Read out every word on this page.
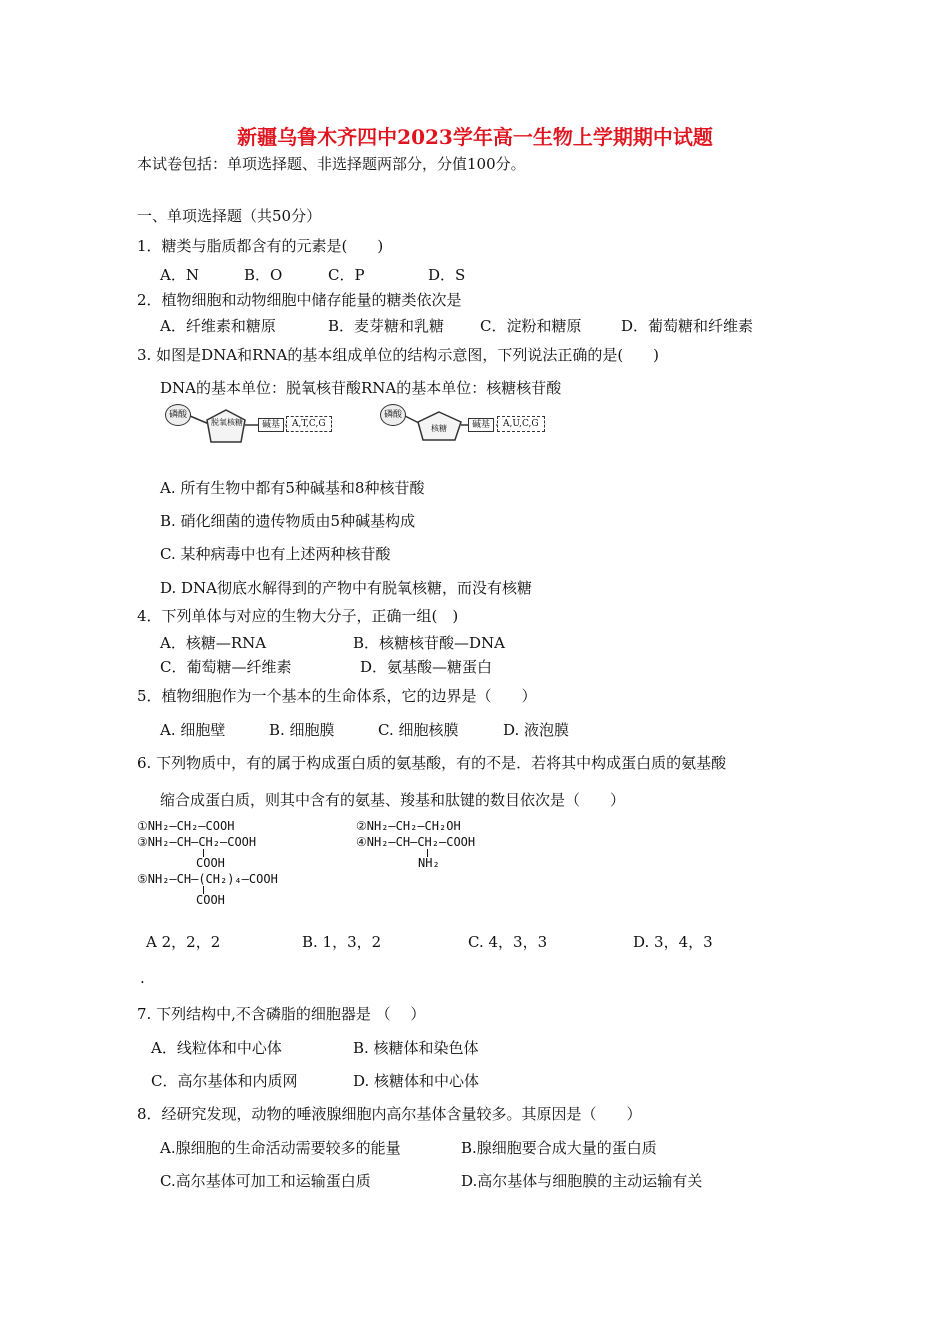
新疆乌鲁木齐四中2023学年高一生物上学期期中试题
本试卷包括：单项选择题、非选择题两部分，分值100分。
一、单项选择题（共50分）
1．糖类与脂质都含有的元素是(　　)
A．N	B．O	C．P	D．S
2．植物细胞和动物细胞中储存能量的糖类依次是
A．纤维素和糖原	B．麦芽糖和乳糖 C．淀粉和糖原	D．葡萄糖和纤维素
3. 如图是DNA和RNA的基本组成单位的结构示意图，下列说法正确的是(　　)
DNA的基本单位：脱氧核苷酸RNA的基本单位：核糖核苷酸
磷酸
脱氧核糖	碱基	A,T,C,G
磷酸
核糖	碱基	A,U,C,G
A. 所有生物中都有5种碱基和8种核苷酸
B. 硝化细菌的遗传物质由5种碱基构成
C. 某种病毒中也有上述两种核苷酸
D. DNA彻底水解得到的产物中有脱氧核糖，而没有核糖
4．下列单体与对应的生物大分子，正确一组(　)
A．核糖—RNA	B．核糖核苷酸—DNA
C．葡萄糖—纤维素	D．氨基酸—糖蛋白
5．植物细胞作为一个基本的生命体系，它的边界是（　　）
A. 细胞壁	B. 细胞膜	C. 细胞核膜	D. 液泡膜
6. 下列物质中，有的属于构成蛋白质的氨基酸，有的不是．若将其中构成蛋白质的氨基酸
缩合成蛋白质，则其中含有的氨基、羧基和肽键的数目依次是（　　）
①NH₂—CH₂—COOH	②NH₂—CH₂—CH₂OH
③NH₂—CH—CH₂—COOH	④NH₂—CH—CH₂—COOH
COOH	NH₂
⑤NH₂—CH—(CH₂)₄—COOH
COOH
A 2，2，2	B. 1，3，2	C. 4，3，3	D. 3，4，3
.
7. 下列结构中,不含磷脂的细胞器是 （　 ）
A．线粒体和中心体	B. 核糖体和染色体
C．高尔基体和内质网	D. 核糖体和中心体
8．经研究发现，动物的唾液腺细胞内高尔基体含量较多。其原因是（　　）
A.腺细胞的生命活动需要较多的能量	B.腺细胞要合成大量的蛋白质
C.高尔基体可加工和运输蛋白质	D.高尔基体与细胞膜的主动运输有关
